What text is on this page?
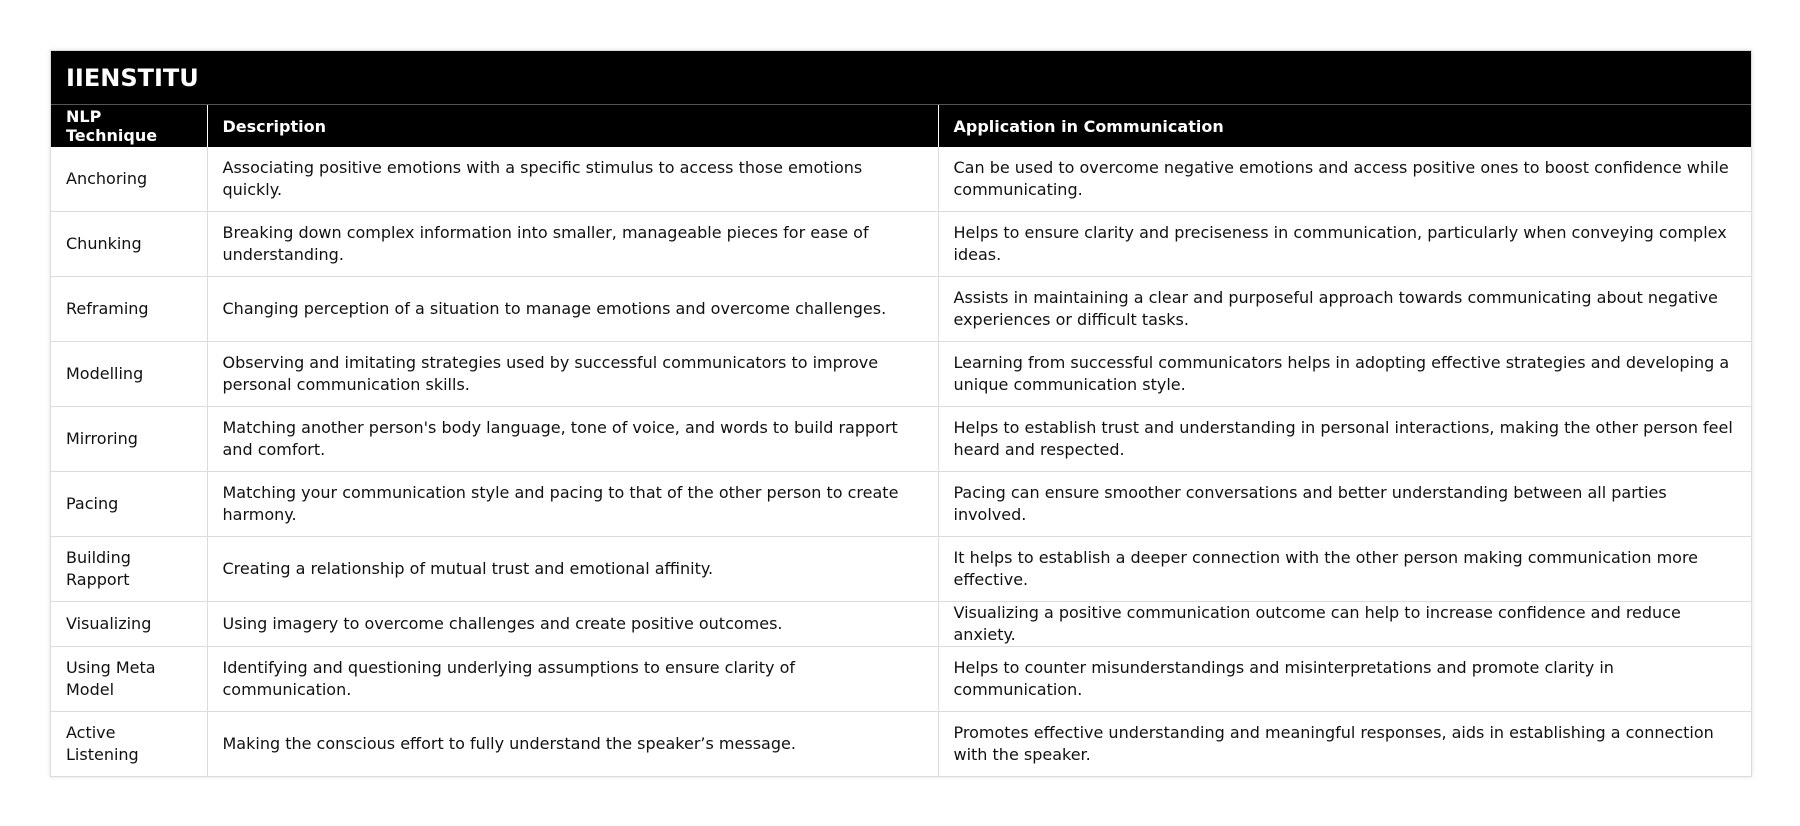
IIENSTITU		
NLP Technique	Description	Application in Communication
Anchoring	Associating positive emotions with a specific stimulus to access those emotions quickly.	Can be used to overcome negative emotions and access positive ones to boost confidence while communicating.
Chunking	Breaking down complex information into smaller, manageable pieces for ease of understanding.	Helps to ensure clarity and preciseness in communication, particularly when conveying complex ideas.
Reframing	Changing perception of a situation to manage emotions and overcome challenges.	Assists in maintaining a clear and purposeful approach towards communicating about negative experiences or difficult tasks.
Modelling	Observing and imitating strategies used by successful communicators to improve personal communication skills.	Learning from successful communicators helps in adopting effective strategies and developing a unique communication style.
Mirroring	Matching another person's body language, tone of voice, and words to build rapport and comfort.	Helps to establish trust and understanding in personal interactions, making the other person feel heard and respected.
Pacing	Matching your communication style and pacing to that of the other person to create harmony.	Pacing can ensure smoother conversations and better understanding between all parties involved.
Building Rapport	Creating a relationship of mutual trust and emotional affinity.	It helps to establish a deeper connection with the other person making communication more effective.
Visualizing	Using imagery to overcome challenges and create positive outcomes.	Visualizing a positive communication outcome can help to increase confidence and reduce anxiety.
Using Meta Model	Identifying and questioning underlying assumptions to ensure clarity of communication.	Helps to counter misunderstandings and misinterpretations and promote clarity in communication.
Active Listening	Making the conscious effort to fully understand the speaker’s message.	Promotes effective understanding and meaningful responses, aids in establishing a connection with the speaker.
